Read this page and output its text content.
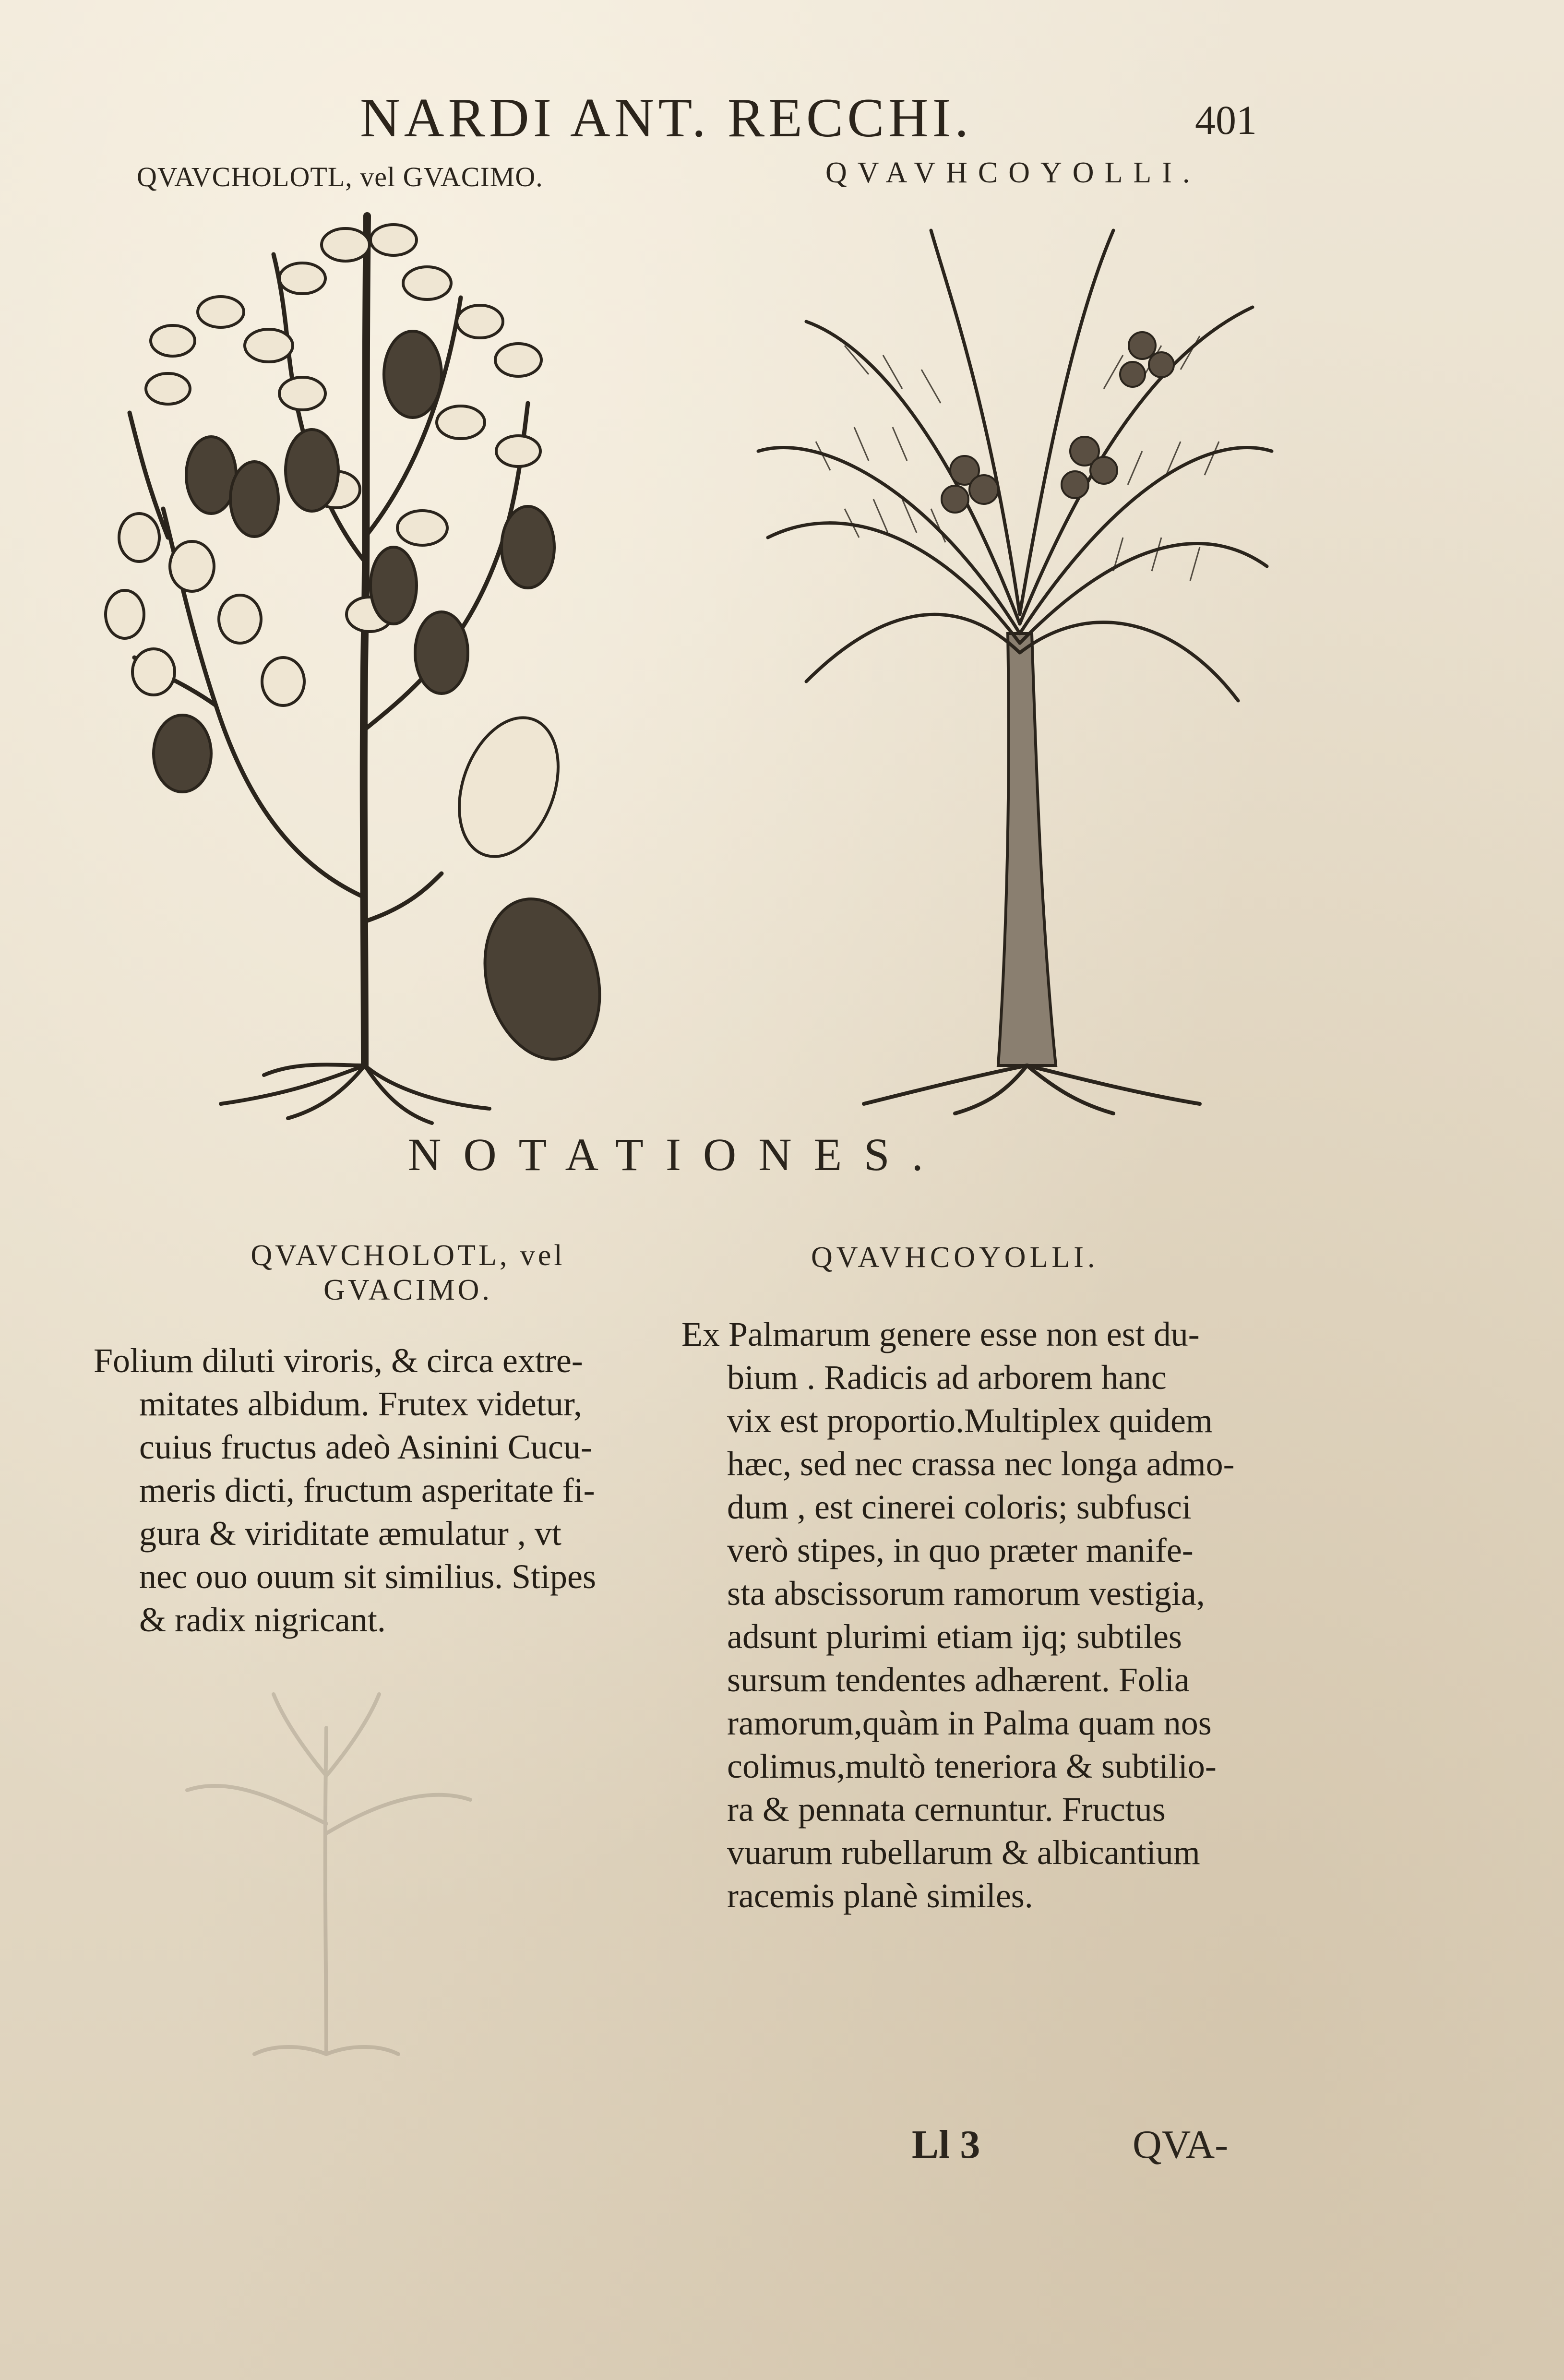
NARDI ANT. RECCHI.	401
QVAVCHOLOTL, vel GVACIMO.	QVAVHCOYOLLI.
NOTATIONES.
QVAVCHOLOTL, vel GVACIMO.
QVAVHCOYOLLI.
Folium diluti viroris, & circa extre-
mitates albidum. Frutex videtur,
cuius fructus adeò Asinini Cucu-
meris dicti, fructum asperitate fi-
gura & viriditate æmulatur , vt
nec ouo ouum sit similius. Stipes
& radix nigricant.
Ex Palmarum genere esse non est du-
bium . Radicis ad arborem hanc
vix est proportio.Multiplex quidem
hæc, sed nec crassa nec longa admo-
dum , est cinerei coloris; subfusci
verò stipes, in quo præter manife-
sta abscissorum ramorum vestigia,
adsunt plurimi etiam ijq; subtiles
sursum tendentes adhærent. Folia
ramorum,quàm in Palma quam nos
colimus,multò teneriora & subtilio-
ra & pennata cernuntur. Fructus
vuarum rubellarum & albicantium
racemis planè similes.
Ll 3	QVA-
